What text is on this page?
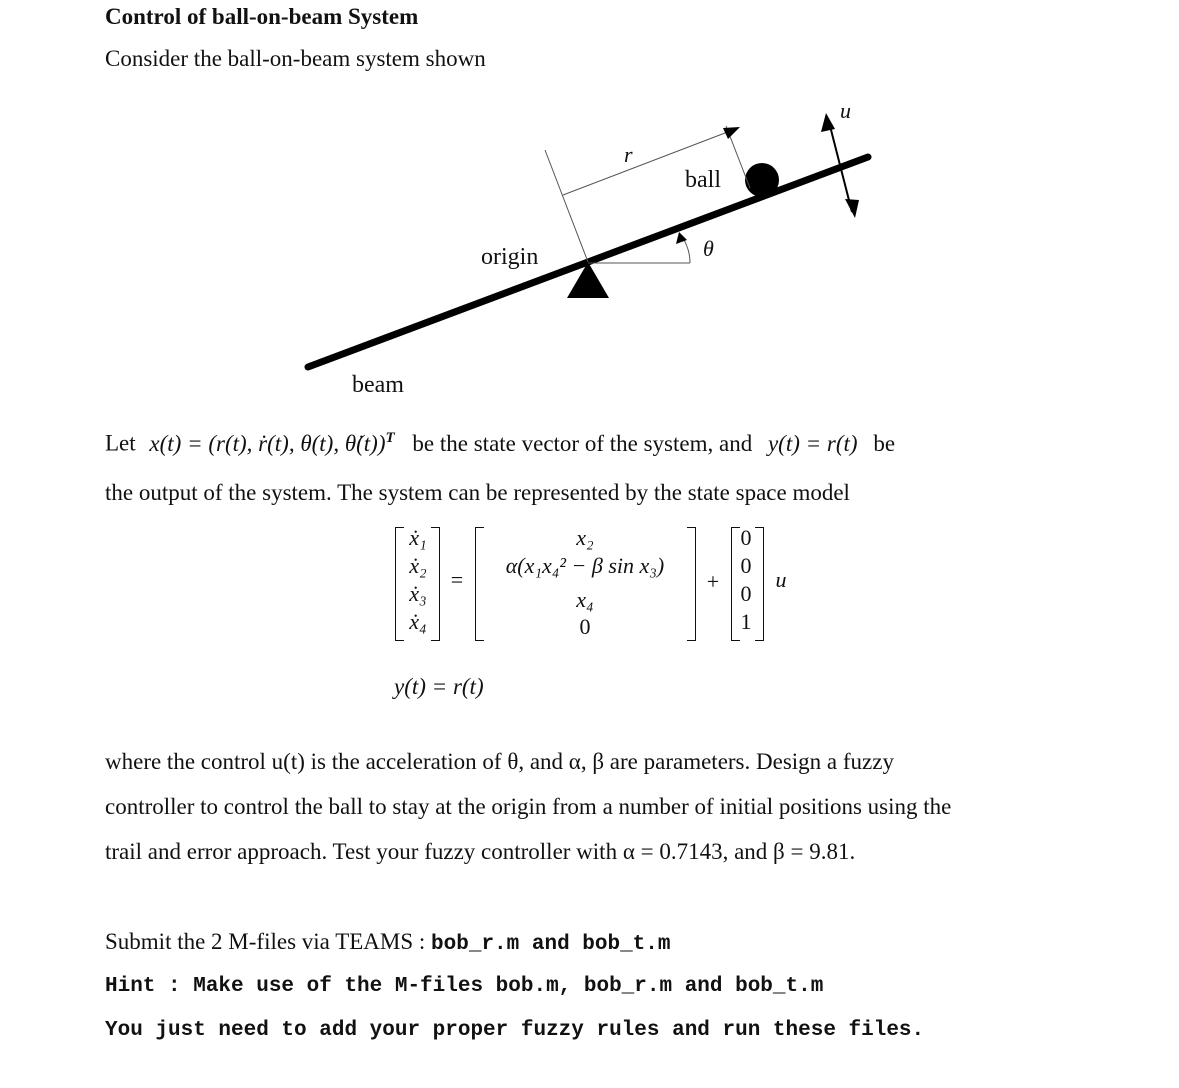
Control of ball-on-beam System
Consider the ball-on-beam system shown
u
r
ball
θ
origin
beam
Let x(t) = (r(t), ṙ(t), θ(t), θ̇(t))$^T$ be the state vector of the system, and y(t) = r(t) be
the output of the system. The system can be represented by the state space model
ẋ₁
ẋ₂
ẋ₃
ẋ₄
=
x₂
α(x₁x₄² − β sin x₃)
x₄
0
+
0
0
0
1
u
y(t) = r(t)
where the control u(t) is the acceleration of θ, and α, β are parameters. Design a fuzzy
controller to control the ball to stay at the origin from a number of initial positions using the
trail and error approach. Test your fuzzy controller with α = 0.7143, and β = 9.81.
Submit the 2 M-files via TEAMS : bob_r.m and bob_t.m
Hint : Make use of the M-files bob.m, bob_r.m and bob_t.m
You just need to add your proper fuzzy rules and run these files.
